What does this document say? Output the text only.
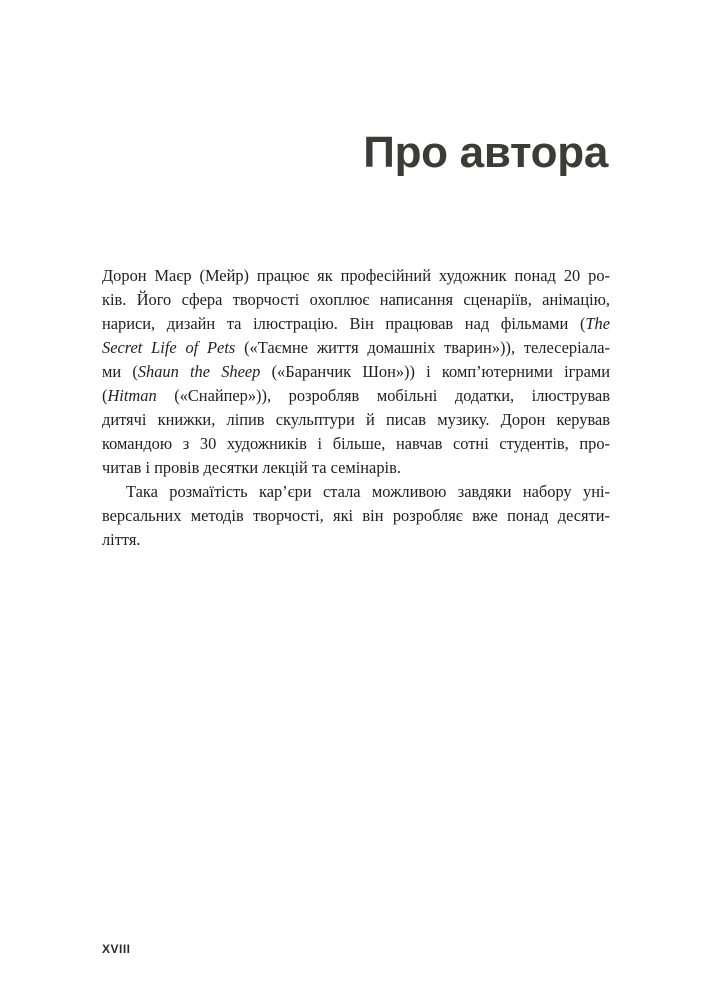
Про автора
Дорон Маєр (Мейр) працює як професійний художник понад 20 ро-
ків. Його сфера творчості охоплює написання сценаріїв, анімацію,
нариси, дизайн та ілюстрацію. Він працював над фільмами (The
Secret Life of Pets («Таємне життя домашніх тварин»)), телесеріала-
ми (Shaun the Sheep («Баранчик Шон»)) і комп’ютерними іграми
(Hitman («Снайпер»)), розробляв мобільні додатки, ілюстрував
дитячі книжки, ліпив скульптури й писав музику. Дорон керував
командою з 30 художників і більше, навчав сотні студентів, про-
читав і провів десятки лекцій та семінарів.
Така розмаїтість кар’єри стала можливою завдяки набору уні-
версальних методів творчості, які він розробляє вже понад десяти-
ліття.
XVIII
